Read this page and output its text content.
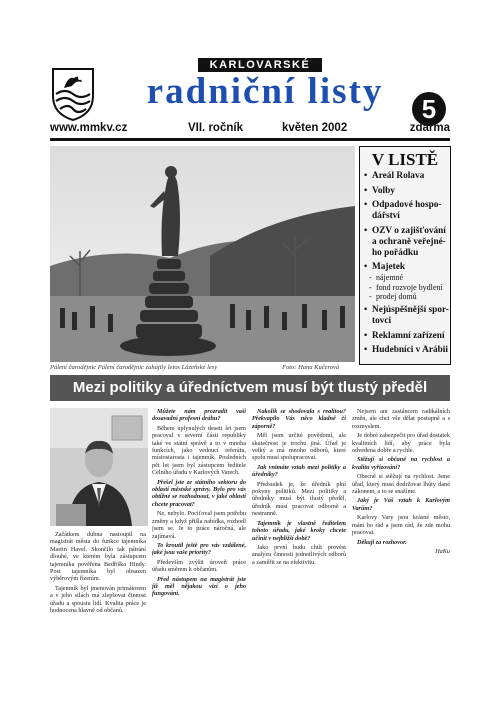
KARLOVARSKÉ
radniční listy	5
www.mmkv.cz	VII. ročník	květen 2002	zdarma
Pálení čarodějnic Pálení čarodějnic zahájily letos Lázeňské lesy	Foto: Hana Kučerová
V LISTĚ
• Areál Rolava
• Volby
• Odpadové hospo-dářství
• OZV o zajišťování a ochraně veřejné-ho pořádku
• Majetek
- nájemné
- fond rozvoje bydlení
- prodej domů
• Nejúspěšnější spor-tovci
• Reklamní zařízení
• Hudebníci v Arábii
Mezi politiky a úředníctvem musí být tlustý předěl

Začátkem dubna nastoupil na magistrát města do funkce tajemníka Martin Havel. Skončilo tak pátrání dlouhé, ve kterém byla zástupcem tajemníka pověřena Bedřiška Hindy. Post tajemníka byl obsazen výběrovým řízením.

Tajemník byl jmenován primátorem a v jeho silách má zlepšovat činnost úřadu a spoustu lidí. Kvalita práce je hodnocena hlavně od občanů.

Můžete nám prozradit vaši dosavadní profesní dráhu?

Během uplynulých deseti let jsem pracoval v severní části republiky také ve státní správě a to v mnoha funkcích, jako vedoucí referátu, místostarosta i tajemník. Posledních pět let jsem byl zástupcem ředitele Celního úřadu v Karlových Varech.

Přešel jste ze státního sektoru do oblasti městské správy. Bylo pro vás obtížné se rozhodnout, v jaké oblasti chcete pracovat?

Ne, nebylo. Pociťoval jsem potřebu změny a když přišla nabídka, rozhodl jsem se. Je to práce náročná, ale zajímavá.

To kroutil ještě pro vás vzdálené, jaké jsou vaše priority?

Především zvýšit úroveň práce úřadu směrem k občanům.

Před nástupem na magistrát jste již měl nějakou vizi o jeho fungování.

Nakolik se shodovala s realitou? Překvapilo Vás něco kladně či záporně?

Měl jsem určité povědomí, ale skutečnost je trochu jiná. Úřad je velký a má mnoho odborů, které spolu musí spolupracovat.

Jak vnímáte vztah mezi politiky a úředníky?

Předsudek je, že úředník plní pokyny politiků. Mezi politiky a úředníky musí být tlustý předěl, úředník musí pracovat odborně a nestranně.

Tajemník je vlastně ředitelem tohoto úřadu, jaké kroky chcete učinit v nejbližší době?

Jako první budu chtít provést analýzu činnosti jednotlivých odborů a zaměřit se na efektivitu.

Nejsem ani zastáncem radikálních změn, ale chci vše dělat postupně a s rozmyslem.

Je dobré zabezpečit pro úřad dostatek kvalitních lidí, aby práce byla odvedena dobře a rychle.

Stěžují si občané na rychlost a kvalitu vyřizování?

Obecně si stěžují na rychlost. Jsme úřad, který musí dodržovat lhůty dané zákonem, a to se snažíme.

Jaký je Váš vztah k Karlovým Varům?

Karlovy Vary jsou krásné město, mám ho rád a jsem rád, že zde mohu pracovat.

Děkuji za rozhovor.

HaKu
